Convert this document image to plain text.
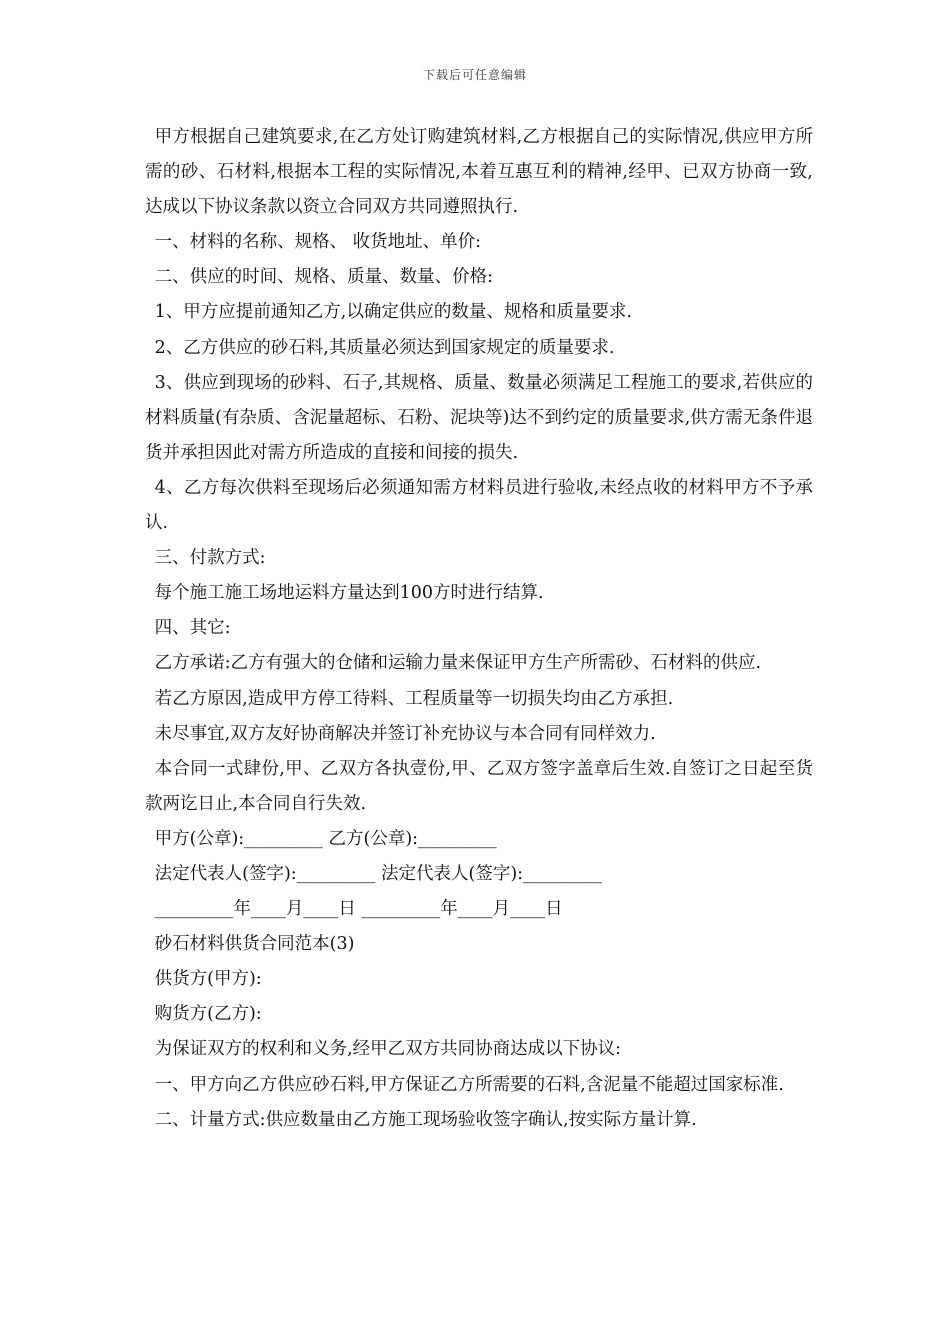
下载后可任意编辑

甲方根据自己建筑要求,在乙方处订购建筑材料,乙方根据自己的实际情况,供应甲方所需的砂、石材料,根据本工程的实际情况,本着互惠互利的精神,经甲、已双方协商一致,达成以下协议条款以资立合同双方共同遵照执行.

一、材料的名称、规格、 收货地址、单价:

二、供应的时间、规格、质量、数量、价格:

1、甲方应提前通知乙方,以确定供应的数量、规格和质量要求.

2、乙方供应的砂石料,其质量必须达到国家规定的质量要求.

3、供应到现场的砂料、石子,其规格、质量、数量必须满足工程施工的要求,若供应的材料质量(有杂质、含泥量超标、石粉、泥块等)达不到约定的质量要求,供方需无条件退货并承担因此对需方所造成的直接和间接的损失.

4、乙方每次供料至现场后必须通知需方材料员进行验收,未经点收的材料甲方不予承认.

三、付款方式:

每个施工施工场地运料方量达到100方时进行结算.

四、其它:

乙方承诺:乙方有强大的仓储和运输力量来保证甲方生产所需砂、石材料的供应.

若乙方原因,造成甲方停工待料、工程质量等一切损失均由乙方承担.

未尽事宜,双方友好协商解决并签订补充协议与本合同有同样效力.

本合同一式肆份,甲、乙双方各执壹份,甲、乙双方签字盖章后生效.自签订之日起至货款两讫日止,本合同自行失效.

甲方(公章):_________ 乙方(公章):_________

法定代表人(签字):_________ 法定代表人(签字):_________

_________年____月____日 _________年____月____日

砂石材料供货合同范本(3)

供货方(甲方):

购货方(乙方):

为保证双方的权利和义务,经甲乙双方共同协商达成以下协议:

一、甲方向乙方供应砂石料,甲方保证乙方所需要的石料,含泥量不能超过国家标准.

二、计量方式:供应数量由乙方施工现场验收签字确认,按实际方量计算.
